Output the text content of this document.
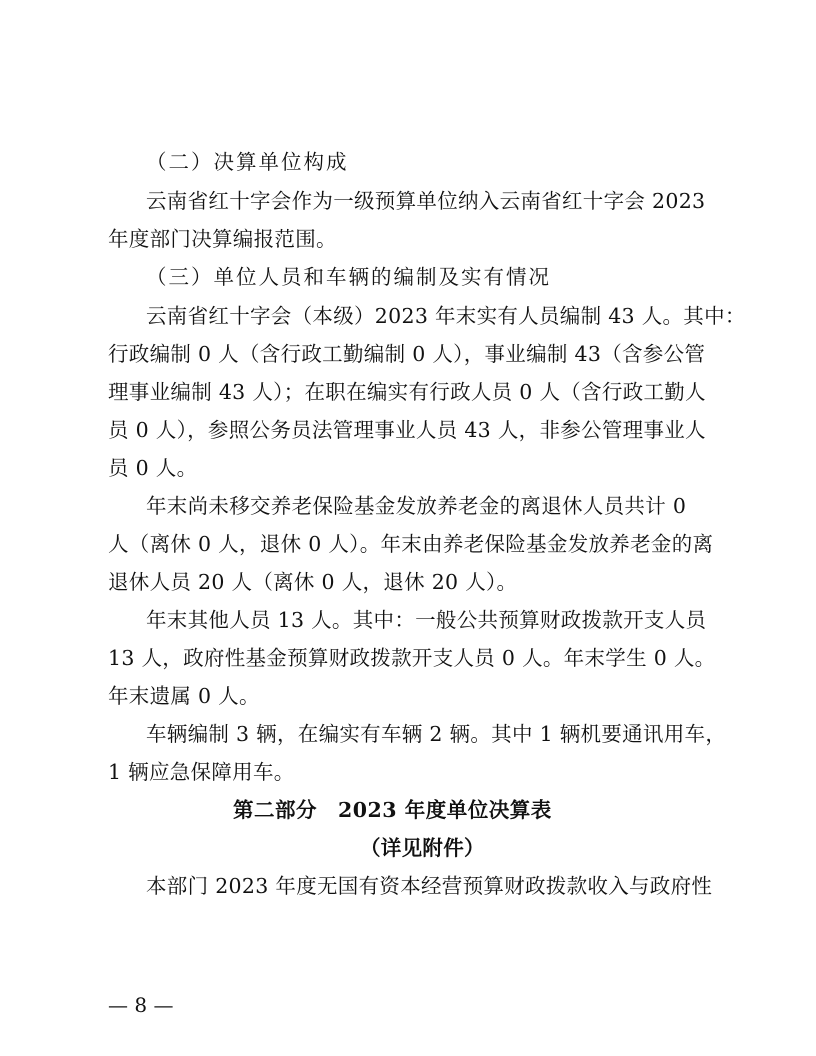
（二）决算单位构成
云南省红十字会作为一级预算单位纳入云南省红十字会 2023
年度部门决算编报范围。
（三）单位人员和车辆的编制及实有情况
云南省红十字会（本级）2023 年末实有人员编制 43 人。其中：
行政编制 0 人（含行政工勤编制 0 人），事业编制 43（含参公管
理事业编制 43 人）；在职在编实有行政人员 0 人（含行政工勤人
员 0 人），参照公务员法管理事业人员 43 人，非参公管理事业人
员 0 人。
年末尚未移交养老保险基金发放养老金的离退休人员共计 0
人（离休 0 人，退休 0 人）。年末由养老保险基金发放养老金的离
退休人员 20 人（离休 0 人，退休 20 人）。
年末其他人员 13 人。其中：一般公共预算财政拨款开支人员
13 人，政府性基金预算财政拨款开支人员 0 人。年末学生 0 人。
年末遗属 0 人。
车辆编制 3 辆，在编实有车辆 2 辆。其中 1 辆机要通讯用车，
1 辆应急保障用车。
第二部分　2023 年度单位决算表
（详见附件）
本部门 2023 年度无国有资本经营预算财政拨款收入与政府性
— 8 —
